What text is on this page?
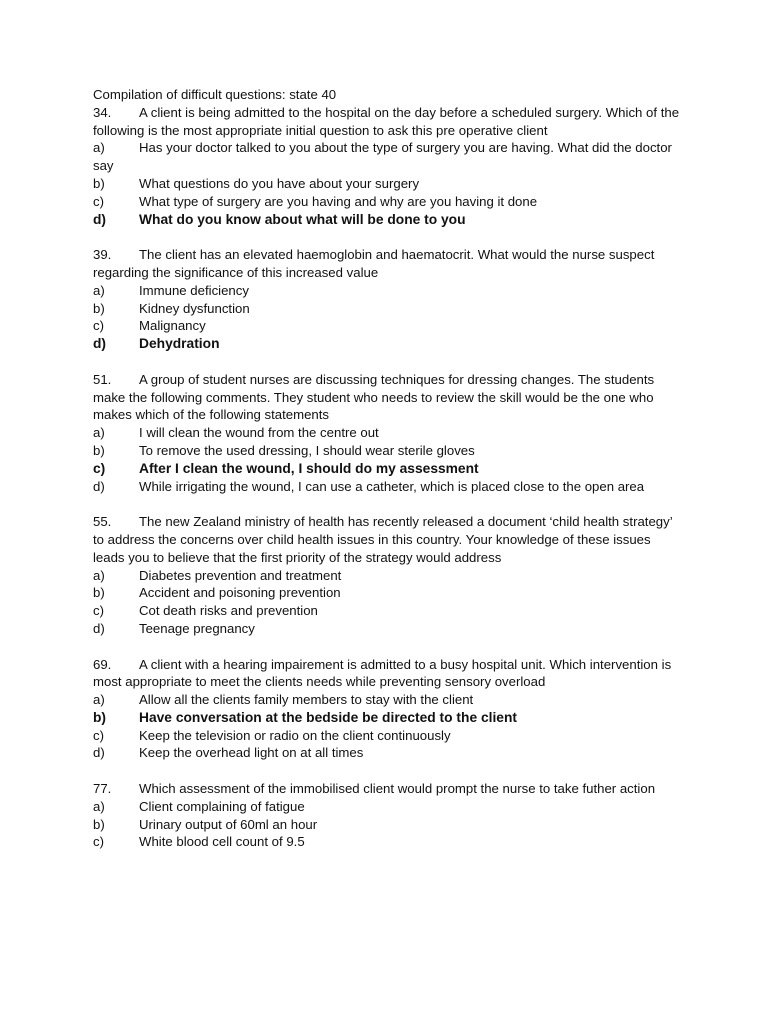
Compilation of difficult questions: state 40

34. A client is being admitted to the hospital on the day before a scheduled surgery. Which of the following is the most appropriate initial question to ask this pre operative client

a)	Has your doctor talked to you about the type of surgery you are having. What did the doctor say

b)	What questions do you have about your surgery

c)	What type of surgery are you having and why are you having it done

d) What do you know about what will be done to you

39. The client has an elevated haemoglobin and haematocrit. What would the nurse suspect regarding the significance of this increased value

a)	Immune deficiency

b)	Kidney dysfunction

c)	Malignancy

d) Dehydration

51. A group of student nurses are discussing techniques for dressing changes. The students make the following comments. They student who needs to review the skill would be the one who makes which of the following statements

a)	I will clean the wound from the centre out

b)	To remove the used dressing, I should wear sterile gloves

c) After I clean the wound, I should do my assessment

d)	While irrigating the wound, I can use a catheter, which is placed close to the open area

55. The new Zealand ministry of health has recently released a document ‘child health strategy’ to address the concerns over child health issues in this country. Your knowledge of these issues leads you to believe that the first priority of the strategy would address

a)	Diabetes prevention and treatment

b)	Accident and poisoning prevention

c)	Cot death risks and prevention

d)	Teenage pregnancy

69. A client with a hearing impairement is admitted to a busy hospital unit. Which intervention is most appropriate to meet the clients needs while preventing sensory overload

a)	Allow all the clients family members to stay with the client

b) Have conversation at the bedside be directed to the client

c)	Keep the television or radio on the client continuously

d)	Keep the overhead light on at all times

77. Which assessment of the immobilised client would prompt the nurse to take futher action

a)	Client complaining of fatigue

b)	Urinary output of 60ml an hour

c)	White blood cell count of 9.5
